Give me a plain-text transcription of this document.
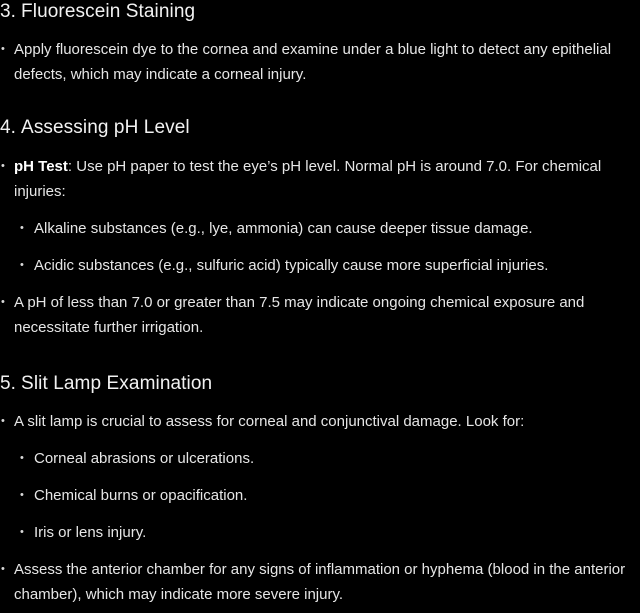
3. Fluorescein Staining
• Apply fluorescein dye to the cornea and examine under a blue light to detect any epithelial defects, which may indicate a corneal injury.
4. Assessing pH Level
• pH Test: Use pH paper to test the eye’s pH level. Normal pH is around 7.0. For chemical injuries:
• Alkaline substances (e.g., lye, ammonia) can cause deeper tissue damage.
• Acidic substances (e.g., sulfuric acid) typically cause more superficial injuries.
• A pH of less than 7.0 or greater than 7.5 may indicate ongoing chemical exposure and necessitate further irrigation.
5. Slit Lamp Examination
• A slit lamp is crucial to assess for corneal and conjunctival damage. Look for:
• Corneal abrasions or ulcerations.
• Chemical burns or opacification.
• Iris or lens injury.
• Assess the anterior chamber for any signs of inflammation or hyphema (blood in the anterior chamber), which may indicate more severe injury.
